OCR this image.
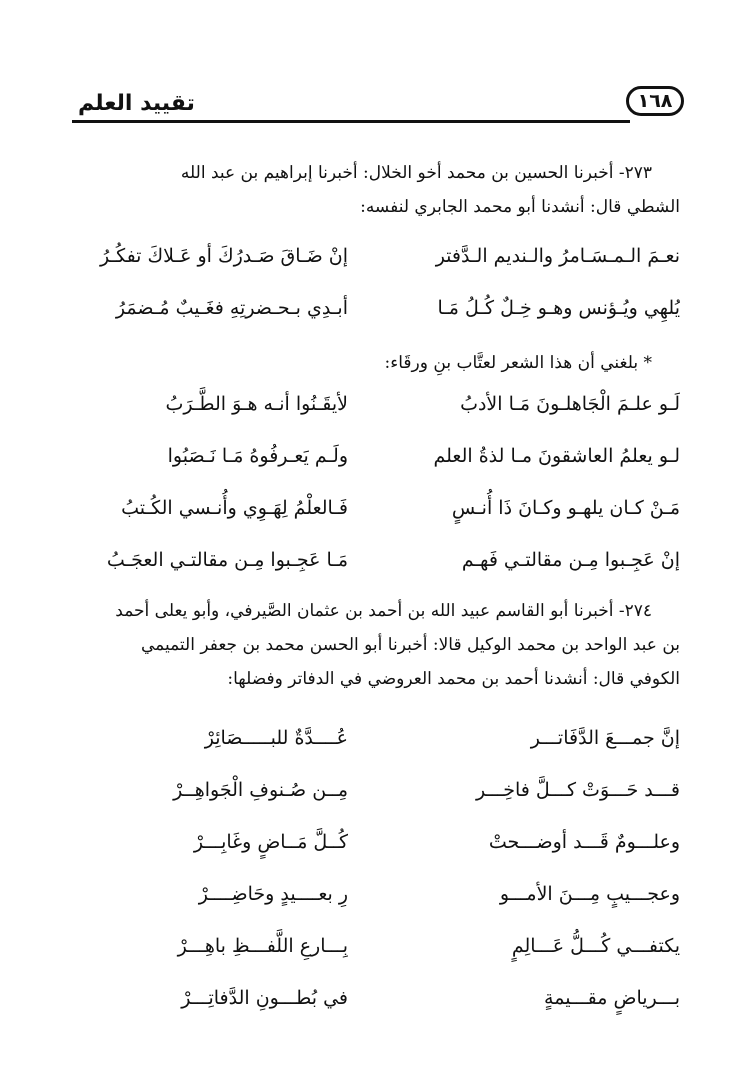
تقييد العلم	١٦٨

٢٧٣- أخبرنا الحسين بن محمد أخو الخلال: أخبرنا إبراهيم بن عبد الله

الشطي قال: أنشدنا أبو محمد الجابري لنفسه:

نعـمَ الـمـسَـامرُ والـنديم الـدَّفتر
إنْ ضَـاقَ صَـدرُكَ أو عَـلاكَ تفكُـرُ
يُلهِي ويُـؤنس وهـو خِـلٌ كُـلُ مَـا
أبـدِي بـحـضرتِهِ فغَـيبٌ مُـضمَرُ

* بلغني أن هذا الشعر لعتَّاب بنِ ورقَاء:

لَـو علـمَ الْجَاهلـونَ مَـا الأدبُ
لأيقَـنُوا أنـه هـوَ الطَّـرَبُ
لـو يعلمُ العاشقونَ مـا لذةُ العلم
ولَـم يَعـرفُوهُ مَـا نَـصَبُوا
مَـنْ كـان يلهـو وكـانَ ذَا أُنـسٍ
فَـالعلْمُ لِهَـوِي وأُنـسي الكُـتبُ
إنْ عَجِـبوا مِـن مقالتـي فَهـم
مَـا عَجِـبوا مِـن مقالتـي العجَـبُ

٢٧٤- أخبرنا أبو القاسم عبيد الله بن أحمد بن عثمان الصَّيرفي، وأبو يعلى أحمد

بن عبد الواحد بن محمد الوكيل قالا: أخبرنا أبو الحسن محمد بن جعفر التميمي

الكوفي قال: أنشدنا أحمد بن محمد العروضي في الدفاتر وفضلها:

إنَّ جمـــعَ الدَّفَاتـــر
عُــــدَّةٌ للبـــــصَائِرْ
قـــد حَـــوَتْ كـــلَّ فاخِـــر
مِــن صُـنوفِ الْجَواهِــرْ
وعلـــومٌ قَـــد أوضـــحتْ
كُــلَّ مَــاضٍ وغَابِـــرْ
وعجـــيبٍ مِـــنَ الأمـــو
رِ بعــــيدٍ وحَاضِــــرْ
يكتفـــي كُـــلُّ عَـــالِمٍ
بِـــارعِ اللَّفـــظِ باهِـــرْ
بـــرياضٍ مقـــيمةٍ
في بُطـــونِ الدَّفاتِـــرْ
